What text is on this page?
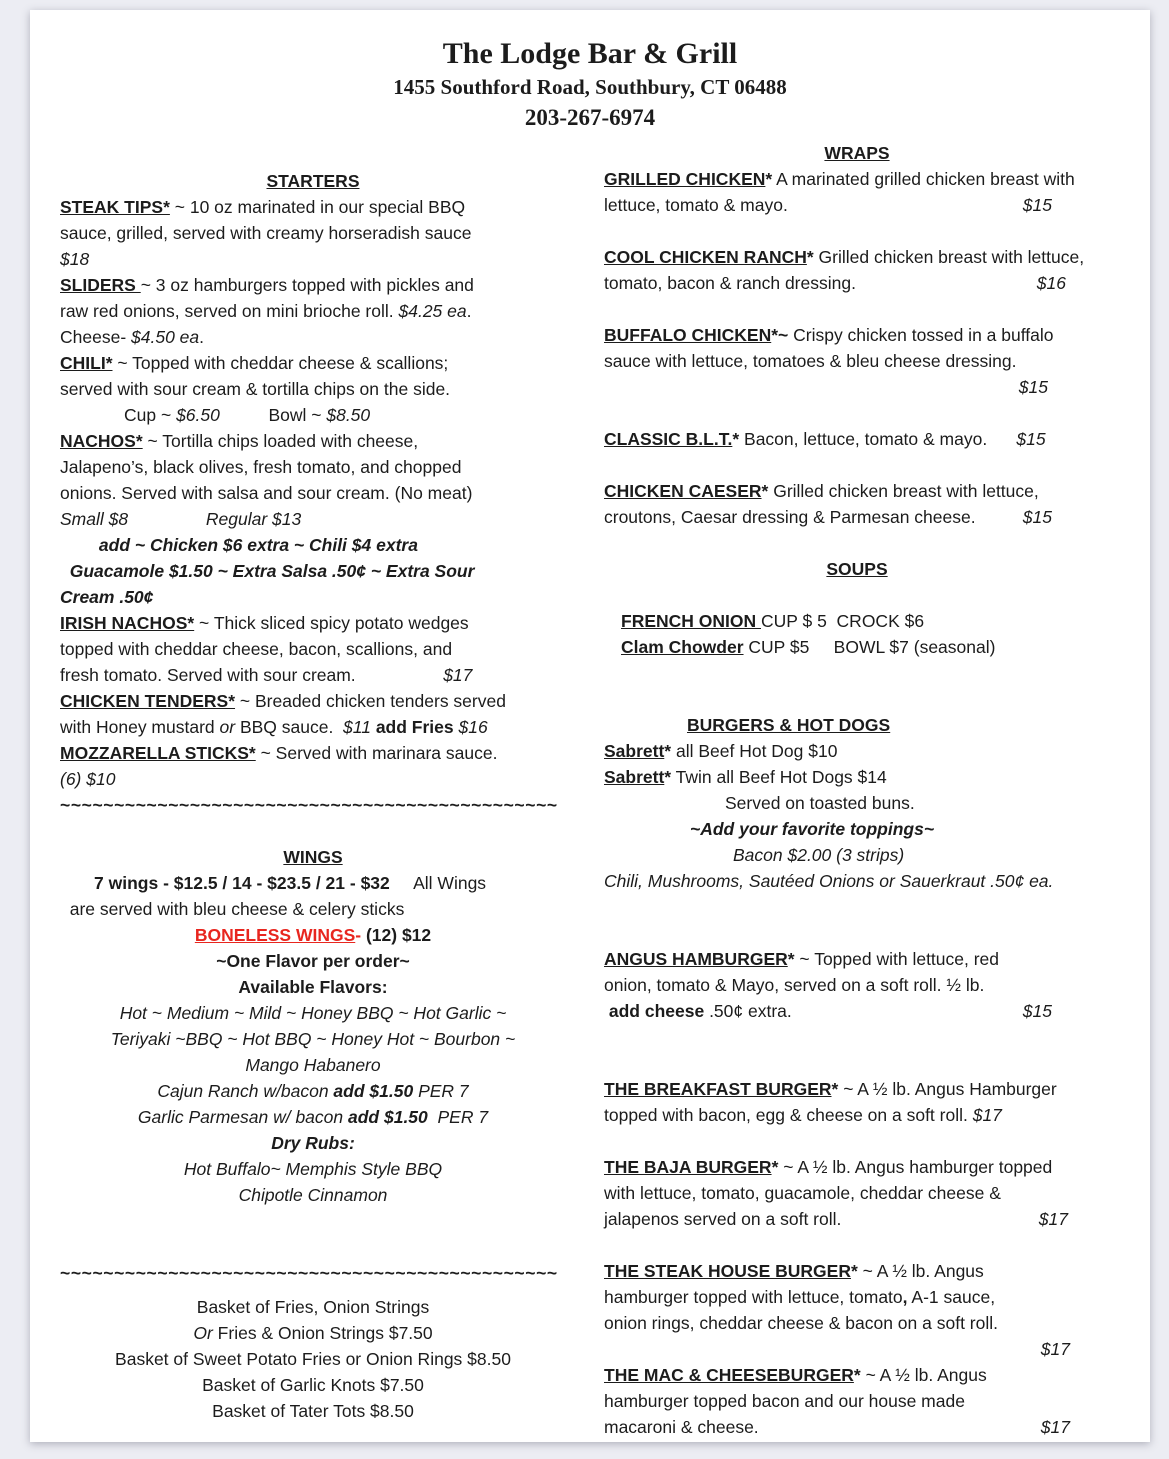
The Lodge Bar & Grill
1455 Southford Road, Southbury, CT 06488
203-267-6974
STARTERS
STEAK TIPS* ~ 10 oz marinated in our special BBQ
sauce, grilled, served with creamy horseradish sauce
$18
SLIDERS ~ 3 oz hamburgers topped with pickles and
raw red onions, served on mini brioche roll. $4.25 ea.
Cheese- $4.50 ea.
CHILI* ~ Topped with cheddar cheese & scallions;
served with sour cream & tortilla chips on the side.
Cup ~ $6.50	Bowl ~ $8.50
NACHOS* ~ Tortilla chips loaded with cheese,
Jalapeno’s, black olives, fresh tomato, and chopped
onions. Served with salsa and sour cream. (No meat)
Small $8	Regular $13
add ~ Chicken $6 extra ~ Chili $4 extra
Guacamole $1.50 ~ Extra Salsa .50¢ ~ Extra Sour
Cream .50¢
IRISH NACHOS* ~ Thick sliced spicy potato wedges
topped with cheddar cheese, bacon, scallions, and
fresh tomato. Served with sour cream.	$17
CHICKEN TENDERS* ~ Breaded chicken tenders served
with Honey mustard or BBQ sauce.  $11 add Fries $16
MOZZARELLA STICKS* ~ Served with marinara sauce.
(6) $10
~~~~~~~~~~~~~~~~~~~~~~~~~~~~~~~~~~~~~~~~~~~~~~
WINGS
7 wings - $12.5 / 14 - $23.5 / 21 - $32     All Wings
are served with bleu cheese & celery sticks
BONELESS WINGS- (12) $12
~One Flavor per order~
Available Flavors:
Hot ~ Medium ~ Mild ~ Honey BBQ ~ Hot Garlic ~
Teriyaki ~BBQ ~ Hot BBQ ~ Honey Hot ~ Bourbon ~
Mango Habanero
Cajun Ranch w/bacon add $1.50 PER 7
Garlic Parmesan w/ bacon add $1.50  PER 7
Dry Rubs:
Hot Buffalo~ Memphis Style BBQ
Chipotle Cinnamon
~~~~~~~~~~~~~~~~~~~~~~~~~~~~~~~~~~~~~~~~~~~~~~
Basket of Fries, Onion Strings
Or Fries & Onion Strings $7.50
Basket of Sweet Potato Fries or Onion Rings $8.50
Basket of Garlic Knots $7.50
Basket of Tater Tots $8.50
WRAPS
GRILLED CHICKEN* A marinated grilled chicken breast with
lettuce, tomato & mayo.	$15
COOL CHICKEN RANCH* Grilled chicken breast with lettuce,
tomato, bacon & ranch dressing.	$16
BUFFALO CHICKEN*~ Crispy chicken tossed in a buffalo
sauce with lettuce, tomatoes & bleu cheese dressing.
$15
CLASSIC B.L.T.* Bacon, lettuce, tomato & mayo. $15
CHICKEN CAESER* Grilled chicken breast with lettuce,
croutons, Caesar dressing & Parmesan cheese.	$15
SOUPS
FRENCH ONION CUP $ 5  CROCK $6
Clam Chowder CUP $5     BOWL $7 (seasonal)
BURGERS & HOT DOGS
Sabrett* all Beef Hot Dog $10
Sabrett* Twin all Beef Hot Dogs $14
Served on toasted buns.
~Add your favorite toppings~
Bacon $2.00 (3 strips)
Chili, Mushrooms, Sautéed Onions or Sauerkraut .50¢ ea.
ANGUS HAMBURGER* ~ Topped with lettuce, red
onion, tomato & Mayo, served on a soft roll. ½ lb.
add cheese .50¢ extra.	$15
THE BREAKFAST BURGER* ~ A ½ lb. Angus Hamburger
topped with bacon, egg & cheese on a soft roll. $17
THE BAJA BURGER* ~ A ½ lb. Angus hamburger topped
with lettuce, tomato, guacamole, cheddar cheese &
jalapenos served on a soft roll.	$17
THE STEAK HOUSE BURGER* ~ A ½ lb. Angus
hamburger topped with lettuce, tomato, A-1 sauce,
onion rings, cheddar cheese & bacon on a soft roll.
$17
THE MAC & CHEESEBURGER* ~ A ½ lb. Angus
hamburger topped bacon and our house made
macaroni & cheese.	$17
